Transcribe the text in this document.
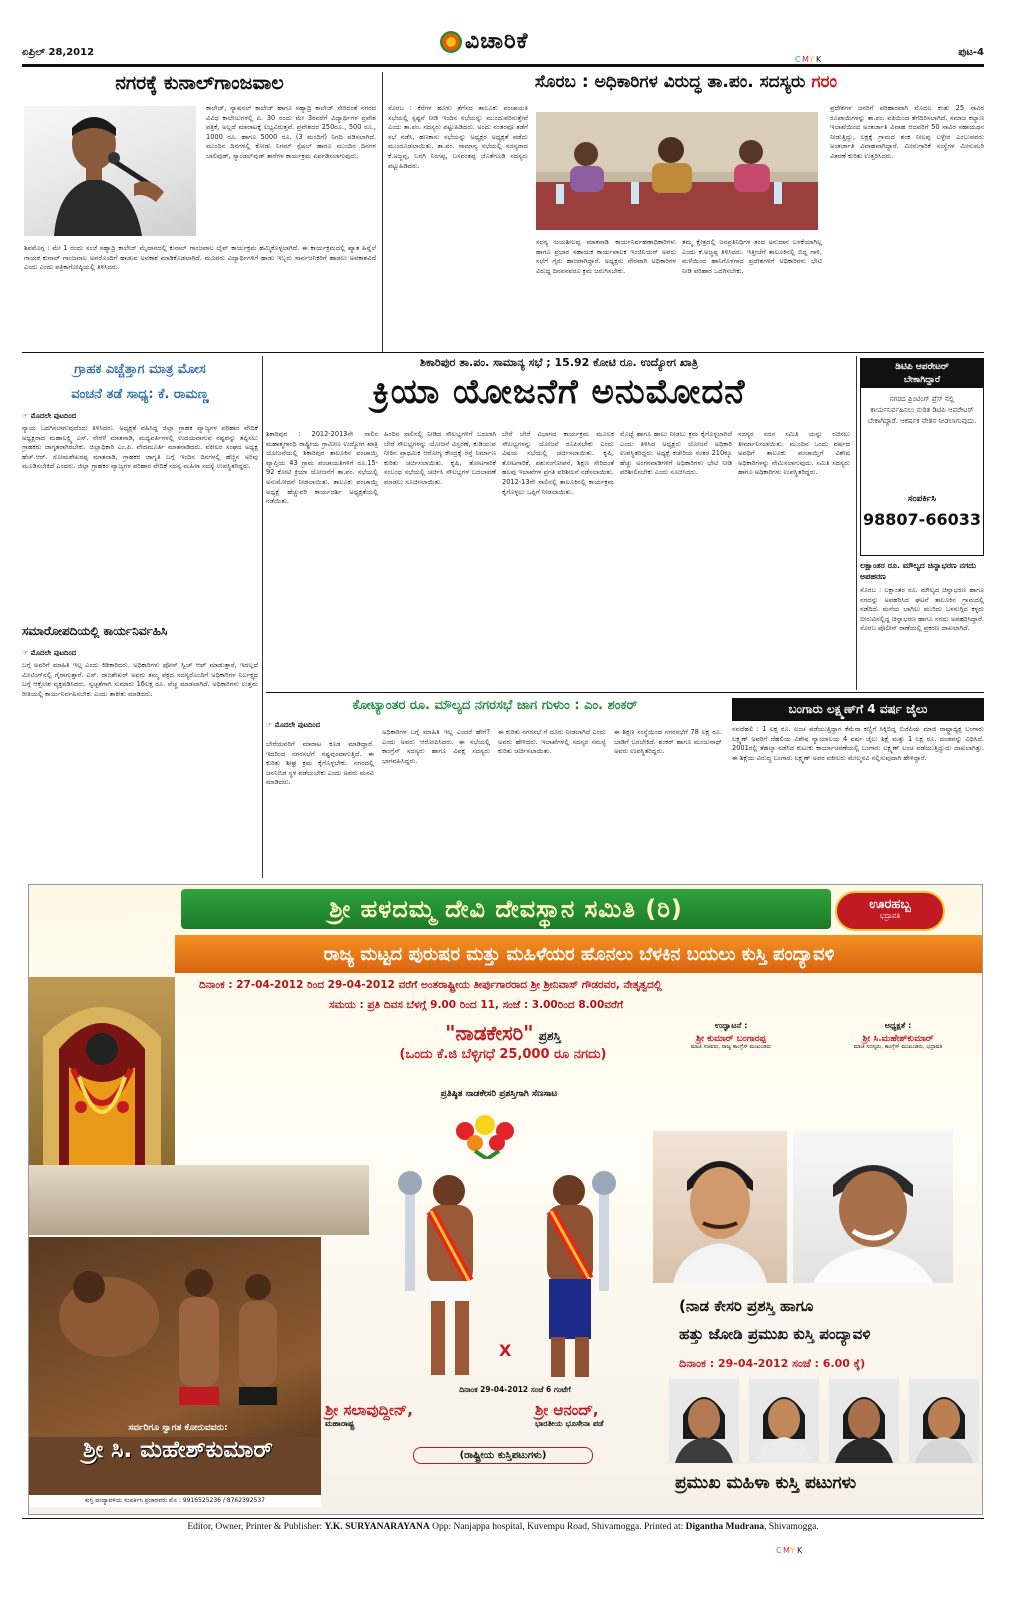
ಏಪ್ರಿಲ್ 28,2012	ವಿಚಾರಿಕೆ
CMY K
ಪುಟ-4
ನಗರಕ್ಕೆ ಕುನಾಲ್‌ಗಾಂಜವಾಲ
ಕಾಲೇಜ್, ನ್ಯಾಷನಲ್ ಕಾಲೇಜ್ ಹಾಗೂ ಸಹ್ಯಾದ್ರಿ ಕಾಲೇಜ್ ಸೇರಿದಂತೆ ನಗರದ ವಿವಿಧ ಕಾಲೇಜುಗಳಲ್ಲಿ ಏ. 30 ರಂದು ಮೇ 3ರವರೆಗೆ ವಿದ್ಯಾರ್ಥಿಗಳ ಪ್ರವೇಶ ಪತ್ರಿಕೆ, ಅಲ್ಲದೆ ಮಾರಾಟಕ್ಕೆ ಲಭ್ಯವಿರುತ್ತವೆ. ಪ್ರವೇಶದರ 250ರೂ., 500 ರೂ., 1000 ರೂ. ಹಾಗೂ 5000 ರೂ. (3 ಮಂದಿಗೆ) ನಿಗದಿ ಪಡಿಸಲಾಗಿದೆ. ಮುಂದಿನ ದಿನಗಳಲ್ಲಿ ಕೋಡು ನಿಗಮ್ ಸ್ಪೆಷಲ್ ಹಾಗೂ ಮುಂದಿನ ದಿನಗಳ ಬಾಲಿವುಡ್, ಸ್ಯಾಂಡಲ್‌ವುಡ್ ತಾರೆಗಳ ಕಾರ್ಯಕ್ರಮ ಏರ್ಪಡಿಸಲಾಗುವುದು.
ಶಿವಮೊಗ್ಗ : ಮೇ 1 ರಂದು ಸಂಜೆ ಸಹ್ಯಾದ್ರಿ ಕಾಲೇಜ್ ಮೈದಾನದಲ್ಲಿ ಕುನಾಲ್ ಗಾಂಜವಾಲ ಲೈವ್ ಕಾರ್ಯಕ್ರಮ ಹಮ್ಮಿಕೊಳ್ಳಲಾಗಿದೆ. ಈ ಕಾರ್ಯಕ್ರಮದಲ್ಲಿ ಖ್ಯಾತ ಹಿನ್ನೆಲೆ ಗಾಯಕ ಕುನಾಲ್ ಗಾಂಜವಾಲ ಅವರೊಂದಿಗೆ ಹಾಡುವ ಅವಕಾಶ ಮಾಡಿಕೊಡಲಾಗಿದೆ. ಮೂವರು ವಿದ್ಯಾರ್ಥಿಗಳಿಗೆ ಹಾಡು ಇಬ್ಬರು ಸಾರ್ವಜನಿಕರಿಗೆ ಹಾಡಲು ಅವಕಾಶವಿದೆ ಎಂದು ಎಂದು ಪತ್ರಿಕಾಗೋಷ್ಠಿಯಲ್ಲಿ ತಿಳಿಸಿದರು.
ಸೊರಬ : ಅಧಿಕಾರಿಗಳ ವಿರುದ್ಧ ತಾ.ಪಂ. ಸದಸ್ಯರು ಗರಂ
ಸೊರಬ : ಕೆರೆಗಳ ಹೂಳು ತೆಗೆಸದ ತಾಲೂಕು ಪಂಚಾಯತಿ ಸಭೆಯಲ್ಲಿ ಸ್ಪಷ್ಟನೆ ನೀಡಿ ಇಂದಿನ ಸಭೆಯನ್ನು ಮುಂದುವರಿಸುತ್ತೇವೆ ಎಂದು ತಾ.ಪಂ. ಸದಸ್ಯರು ಪಟ್ಟುಹಿಡಿದರು. ಅಂದು ನಂತರವೂ ತಡೆಗೆ ಸಭೆ ನಡೆಸಿ, ಹಣಕಾಸು ಸಭೆಯನ್ನು ಅಧ್ಯಕ್ಷರ ಅಧ್ಯಕ್ಷತೆ ಪಡೆದು ಮುಂದೂಡಲಾಯಿತು. ತಾ.ಪಂ. ಸಾಮಾನ್ಯ ಸಭೆಯಲ್ಲಿ ಸದಸ್ಯರಾದ ಕೆ.ಅಜ್ಜಪ್ಪ, ಬರಗಿ ನಿಂಗಪ್ಪ, ಬಸವಂತಪ್ಪ ಜೊತೆಗೂಡಿ ಸದಸ್ಯರು ಪಟ್ಟುಹಿಡಿದರು.
ಸದಸ್ಯ ಜಯಶೀಲಪ್ಪ ಮಾತನಾಡಿ ಕಾರ್ಯನಿರ್ವಹಣಾಧಿಕಾರಿಗಳು ಹಾಗೂ ಪ್ರಭಾರ ಸಹಾಯಕ ಕಾರ್ಯಪಾಲಕ ಇಂಜಿನಿಯರ್ ಅವರು ಸಭೆಗೆ ಗೈರು ಹಾಜರಾಗಿದ್ದಾರೆ. ಅಧ್ಯಕ್ಷರು ನೇರವಾಗಿ ಅಧಿಕಾರಿಗಳ ವಿರುದ್ದ ದಿನವನವರೂ ಕ್ರಮ ಜರುಗಿಸಬೇಕು.
ತಮ್ಮ ಕ್ಷೇತ್ರದಲ್ಲಿ ಜನಪ್ರತಿನಿಧಿಗಳ ತಂದ ಅನುದಾನ ಬಳಕೆಯಾಗಿಲ್ಲ ಎಂದು ಕೆ.ಅಜ್ಜಪ್ಪ ತಿಳಿಸಿದರು. ಇತ್ತೀಚೆಗೆ ತಾಲೂಕಿನಲ್ಲಿ ಬಿದ್ದ ಗಾಳಿ, ಮಳೆಯಿಂದ ಹಾನಿಗೊಳಗಾದ ಪ್ರದೇಶಗಳಿಗೆ ಅಧಿಕಾರಿಗಳು ಭೇಟಿ ನೀಡಿ ಪರಿಹಾರ ಒದಗಿಸಬೇಕು.
ಪ್ರದೇಶಗಳ ಜನರಿಗೆ ಪರಿಹಾರವಾಗಿ ಮೊದಲ ಕಂತು 25 ಸಾವಿರ ರೂಪಾಯಿಗಳನ್ನು ತಾ.ಪಂ. ವತಿಯಿಂದ ತೆಗೆದಿರಿಸಲಾಗಿದೆ. ಸಮಾಜ ಕಲ್ಯಾಣ ಇಲಾಖೆಯಿಂದ ಅಂತರ್ಜಾತಿ ವಿವಾಹ ಆದವರಿಗೆ 50 ಸಾವಿರ ಸಹಾಯಧನ ನೀಡುತ್ತಿದ್ದು, ಲಕ್ಷಕ್ಕೆ ಗ್ರಾಮದ ಶಂಕ ನೀಲಪ್ಪ ಬಳ್ಳೇರ ಎಂಬುವವರು ಅಂತರ್ಜಾತಿ ವಿವಾಹವಾಗಿದ್ದಾರೆ. ಮೀನುಗಾರಿಕೆ ಸಂಸ್ಥೆಗಳ ಮೀನುಮರಿ ವಿತರಣೆ ಕುರಿತು ಉತ್ತರಿಸಿದರು.
ಗ್ರಾಹಕ ಎಚ್ಚೆತ್ತಾಗ ಮಾತ್ರ ಮೋಸ
ವಂಚನೆ ತಡೆ ಸಾಧ್ಯ: ಕೆ. ರಾಮಣ್ಣ
☞ ಮೊದಲೇ ಪುಟದಿಂದ
ನ್ಯಾಯ ಒದಗಿಸಲಾಗುವುದೆಂದು ತಿಳಿಸಿದರು. ಅಧ್ಯಕ್ಷತೆ ವಹಿಸಿದ್ದ ಜಿಲ್ಲಾ ಗ್ರಾಹಕ ವ್ಯಾಜ್ಯಗಳ ಪರಿಹಾರ ವೇದಿಕೆ ಅಧ್ಯಕ್ಷರಾದ ಮಹಾಲಕ್ಷ್ಮಿ ಎಸ್. ನೇರಳೆ ಮಾತನಾಡಿ, ಮಧ್ಯವರ್ತಿಗಳಲ್ಲಿ ಉದಯವಾಗುವ ನಷ್ಟವನ್ನು ತಪ್ಪಿಸಲು ಗ್ರಾಹಕರು ಜಾಗೃತರಾಗಿರಬೇಕು. ಜಿಲ್ಲಾಧಿಕಾರಿ ಎಂ.ಪಿ. ವೇದಮೂರ್ತಿ ಮಾತನಾಡಿದರು. ವಕೀಲರ ಸಂಘದ ಅಧ್ಯಕ್ಷ ಹೆಚ್.ಆರ್. ಸೋಮಶೇಖರಪ್ಪ ಮಾತನಾಡಿ, ಗ್ರಾಹಕರ ಜಾಗೃತಿ ಬಗ್ಗೆ ಇಂದಿನ ದಿನಗಳಲ್ಲಿ ಹೆಚ್ಚಿನ ಅರಿವು ಮೂಡಿಸಬೇಕಿದೆ ಎಂದರು. ಜಿಲ್ಲಾ ಗ್ರಾಹಕರ ವ್ಯಾಜ್ಯಗಳ ಪರಿಹಾರ ವೇದಿಕೆ ಸದಸ್ಯ ಮಹಿಳಾ ಸದಸ್ಯೆ ಉಪಸ್ಥಿತರಿದ್ದರು.
ಸಮಾರೋಪದಿಯಲ್ಲಿ ಕಾರ್ಯನಿರ್ವಹಿಸಿ
☞ ಮೊದಲೇ ಪುಟದಿಂದ
ಬಗ್ಗೆ ಅವರಿಗೆ ಮಾಹಿತಿ ಇಲ್ಲ ಎಂದು ಕಿಡಿಕಾರಿದರು. ಅಧಿಕಾರಿಗಳು ಫೋನ್ ಸ್ವಿಚ್ ಆಫ್ ಮಾಡುತ್ತಾರೆ, ಇದಲ್ಲದೆ ಮೀಟಿಂಗ್‌ನಲ್ಲಿ ಗೈರಾಗುತ್ತಾರೆ. ಎಸ್. ರಾಜಶೇಖರ್ ಅವರು ತಮ್ಮ ಪಕ್ಷದ ಸದಸ್ಯರೊಂದಿಗೆ ಅಧಿಕಾರಿಗಳ ನಿರ್ಲಕ್ಷ್ಯದ ಬಗ್ಗೆ ಆಕ್ರೋಶ ವ್ಯಕ್ತಪಡಿಸಿದರು. ಸ್ವಚ್ಛತೆಗಾಗಿ ಸುಮಾರು 16ಲಕ್ಷ ರೂ. ವೆಚ್ಚ ಮಾಡಲಾಗಿದೆ. ಅಧಿಕಾರಿಗಳು ಉತ್ತಮ ರೀತಿಯಲ್ಲಿ ಕಾರ್ಯನಿರ್ವಹಿಸಬೇಕು ಎಂದು ತಾಕೀತು ಮಾಡಿದರು.
ಶಿಕಾರಿಪುರ ತಾ.ಪಂ. ಸಾಮಾನ್ಯ ಸಭೆ ; 15.92 ಕೋಟಿ ರೂ. ಉದ್ಯೋಗ ಖಾತ್ರಿ
ಕ್ರಿಯಾ ಯೋಜನೆಗೆ ಅನುಮೋದನೆ
ಶಿಕಾರಿಪುರ : 2012-2013ನೇ ಸಾಲಿನ ಮಹಾತ್ಮಗಾಂಧಿ ರಾಷ್ಟ್ರೀಯ ಗ್ರಾಮೀಣ ಉದ್ಯೋಗ ಖಾತ್ರಿ ಯೋಜನೆಯಲ್ಲಿ ಶಿಕಾರಿಪುರ ತಾಲೂಕಿನ ಪಂಚಾಯ್ತಿ ವ್ಯಾಪ್ತಿಯ 43 ಗ್ರಾಮ ಪಂಚಾಯತಿಗಳಿಗೆ ರೂ.15-92 ಕೋಟಿ ಕ್ರಿಯಾ ಯೋಜನೆಗೆ ತಾ.ಪಂ. ಸಭೆಯಲ್ಲಿ ಅನುಮೋದನೆ ನೀಡಲಾಯಿತು. ತಾಲೂಕು ಪಂಚಾಯ್ತಿ ಅಧ್ಯಕ್ಷೆ ಹೆಚ್ಚುವರಿ ಕಾರ್ಯದರ್ಶಿ ಅಧ್ಯಕ್ಷತೆಯಲ್ಲಿ ನಡೆಯಿತು.
ಹಿಂದಿನ ಸಾಲಿನಲ್ಲಿ ನೀಡಿದ ಸೌಲಭ್ಯಗಳಿಗೆ ಬದಲಾಗಿ ಬೇರೆ ಸೌಲಭ್ಯಗಳನ್ನು ಯೋಜನೆ ವಿಸ್ತರಣೆ, ಕುಡಿಯುವ ನೀರಿನ ಪ್ರಾಥಮಿಕ ಆರೋಗ್ಯ ಕೇಂದ್ರಕ್ಕೆ ರಸ್ತೆ ನಿರ್ಮಾಣ ಕುರಿತು ಚರ್ಚಿಸಲಾಯಿತು. ಕೃಷಿ, ತೋಟಗಾರಿಕೆ ಸಂಬಂಧ ಸಭೆಯಲ್ಲಿ ಚರ್ಚಿಸಿ ಸೌಲಭ್ಯಗಳ ಬದಲಾವಣೆ ಮಾಡಲು ಸೂಚಿಸಲಾಯಿತು.
ಬೇರೆ ಬೇರೆ ವಿಭಾಗದ ಕಾರ್ಯಕ್ರಮ ಮೂಲಕ ಸೌಲಭ್ಯಗಳನ್ನು ಯೋಜನೆ ರೂಪಿಸಬೇಕು ಎಂದು ವಿಷಯ ಸಭೆಯಲ್ಲಿ ಚರ್ಚಿಸಲಾಯಿತು. ಕೃಷಿ, ತೋಟಗಾರಿಕೆ, ಪಶುಸಂಗೋಪನೆ, ಶಿಕ್ಷಣ ಸೇರಿದಂತೆ ಹಲವು ಇಲಾಖೆಗಳ ಪ್ರಗತಿ ಪರಿಶೀಲನೆ ನಡೆಸಲಾಯಿತು. 2012-13ನೇ ಸಾಲಿನಲ್ಲಿ ತಾಲೂಕಿನಲ್ಲಿ ಕಾರ್ಯಕ್ರಮ ಕೈಗೊಳ್ಳಲು ಒಪ್ಪಿಗೆ ನೀಡಲಾಯಿತು.
ಮೊಟ್ಟೆ ಹಾಗೂ ಹಾಲು ನೀಡಲು ಕ್ರಮ ಕೈಗೊಳ್ಳಲಾಗಿದೆ ಎಂದು ತಿಳಿಸಿದ ಅಧ್ಯಕ್ಷರು ಯೋಜನೆ ಅಧಿಕಾರಿ ಉಪಸ್ಥಿತರಿದ್ದರು. ಅಧ್ಯಕ್ಷೆ ಕಚೇರಿಯ ನಂತರ 210ಕ್ಕೂ ಹೆಚ್ಚು ಅಂಗನವಾಡಿಗಳಿಗೆ ಅಧಿಕಾರಿಗಳು ಭೇಟಿ ನೀಡಿ ಪರಿಶೀಲಿಸಬೇಕು ಎಂದು ಸೂಚಿಸಿದರು.
ಸದಸ್ಯರ ಸದನ ಸಮಿತಿ ಯನ್ನು ರಚಿಸಲು ತೀರ್ಮಾನಿಸಲಾಯಿತು. ಮುಂದಿನ ಒಂದು ವರ್ಷದ ಅವಧಿಗೆ ತಾಲೂಕು ಪಂಚಾಯ್ತಿಗೆ ವಿಶೇಷ ಅಧಿಕಾರಿಗಳನ್ನು ನೇಮಿಸಲಾಗುವುದು. ಸಮಿತಿ ಸದಸ್ಯರು ಹಾಗೂ ಅಧಿಕಾರಿಗಳು ಉಪಸ್ಥಿತರಿದ್ದರು.
ಡಿಟಿಪಿ ಆಪರೇಟರ್
ಬೇಕಾಗಿದ್ದಾರೆ
ನಗರದ ಪ್ರಿಂಟಿಂಗ್ ಪ್ರೆಸ್ ನಲ್ಲಿ ಕಾರ್ಯನಿರ್ವಹಿಸಲು ನುರಿತ ಡಿಟಿಪಿ ಆಪರೇಟರ್ ಬೇಕಾಗಿದ್ದಾರೆ. ಆಕರ್ಷಕ ವೇತನ ನೀಡಲಾಗುವುದು.
ಸಂಪರ್ಕಿಸಿ
98807-66033
ಲಕ್ಷಾಂತರ ರೂ. ಮೌಲ್ಯದ ಚಿನ್ನಾಭರಣ ನಗದು ಅಪಹರಣ
ಸೊರಬ : ಲಕ್ಷಾಂತರ ರೂ. ಮೌಲ್ಯದ ಚಿನ್ನಾಭರಣ ಹಾಗೂ ನಗದನ್ನು ಅಪಹರಿಸಿದ ಘಟನೆ ತಾಲೂಕಿನ ಗ್ರಾಮದಲ್ಲಿ ನಡೆದಿದೆ. ಮನೆಯ ಬಾಗಿಲು ಮುರಿದು ಒಳನುಗ್ಗಿದ ಕಳ್ಳರು ಬೀರುವಿನಲ್ಲಿದ್ದ ಚಿನ್ನಾಭರಣ ಹಾಗೂ ನಗದು ಅಪಹರಿಸಿದ್ದಾರೆ. ಸೊರಬ ಪೊಲೀಸ್ ಠಾಣೆಯಲ್ಲಿ ಪ್ರಕರಣ ದಾಖಲಾಗಿದೆ.
ಕೋಟ್ಯಾಂತರ ರೂ. ಮೌಲ್ಯದ ನಗರಸಭೆ ಜಾಗ ಗುಳುಂ : ಎಂ. ಶಂಕರ್
☞ ಮೊದಲೇ ಪುಟದಿಂದ
ಬೇರೆಯವರಿಗೆ ಮಾರಾಟ ಕೂಡ ಮಾಡಿದ್ದಾರೆ. ಇದರಿಂದ ನಗರಸಭೆಗೆ ನಷ್ಟವುಂಟಾಗುತ್ತಿದೆ. ಈ ಕುರಿತು ಶೀಘ್ರ ಕ್ರಮ ಕೈಗೊಳ್ಳಬೇಕು. ನಗರದಲ್ಲಿ ಜನನಿಬಿಡ ಸ್ಥಳ ಪಡೆಯಬೇಕು ಎಂದು ಅವರು ಮನವಿ ಮಾಡಿದರು.
ಅಧಿಕಾರಿಗಳ ಬಗ್ಗೆ ಮಾಹಿತಿ ಇಲ್ಲ ಎಂದರೆ ಹೇಗೆ? ಎಂದು ಅವರು ಆರೋಪಿಸಿದರು. ಈ ಸಭೆಯಲ್ಲಿ ಕಾಂಗ್ರೆಸ್ ಸದಸ್ಯರು ಹಾಗೂ ವಿಪಕ್ಷ ಸದಸ್ಯರು ಭಾಗವಹಿಸಿದ್ದರು.
ಈ ಕುರಿತು ನಗರಸಭೆ ಗೆ ದೂರು ನೀಡಲಾಗಿದೆ ಎಂದು ಅವರು ಹೇಳಿದರು. ಇಲಾಖೆಗಳಲ್ಲಿ ಸದಸ್ಯರ ಸಮಸ್ಯೆ ಕುರಿತು ಚರ್ಚಿಸಲಾಯಿತು.
ಈ ಶಿಕ್ಷಣ ಸಂಸ್ಥೆಯಿಂದ ನಗರಸಭೆಗೆ 78 ಲಕ್ಷ ರೂ. ಬಾಡಿಗೆ ಬರಬೇಕಿದೆ. ಶಂಕರ್ ಹಾಗೂ ಮಂಜುನಾಥ್ ಅವರು ಉಪಸ್ಥಿತರಿದ್ದರು.
ಬಂಗಾರು ಲಕ್ಷ್ಮಣ್‌ಗೆ 4 ವರ್ಷ ಜೈಲು
ನವದೆಹಲಿ : 1 ಲಕ್ಷ ರೂ. ಲಂಚ ಪಡೆಯುತ್ತಿದ್ದಾಗ ಕೆಮೆರಾ ಕಣ್ಣಿಗೆ ಸಿಕ್ಕಿಬಿದ್ದ ಬಿಜೆಪಿಯ ಮಾಜಿ ರಾಷ್ಟ್ರಾಧ್ಯಕ್ಷ ಬಂಗಾರು ಲಕ್ಷ್ಮಣ್ ಅವರಿಗೆ ದೆಹಲಿಯ ವಿಶೇಷ ನ್ಯಾಯಾಲಯ 4 ವರ್ಷ ಜೈಲು ಶಿಕ್ಷೆ ಮತ್ತು 1 ಲಕ್ಷ ರೂ. ದಂಡವನ್ನು ವಿಧಿಸಿದೆ. 2001ರಲ್ಲಿ ತೆಹಲ್ಕಾ ನಡೆಸಿದ ಕುಟುಕು ಕಾರ್ಯಾಚರಣೆಯಲ್ಲಿ ಬಂಗಾರು ಲಕ್ಷ್ಮಣ್ ಲಂಚ ಪಡೆಯುತ್ತಿದ್ದುದು ದಾಖಲಾಗಿತ್ತು. ಈ ಶಿಕ್ಷೆಯ ವಿರುದ್ಧ ಬಂಗಾರು ಲಕ್ಷ್ಮಣ್ ಅವರ ವಕೀಲರು ಮೇಲ್ಮನವಿ ಸಲ್ಲಿಸುವುದಾಗಿ ಹೇಳಿದ್ದಾರೆ.
ಶ್ರೀ ಹಳದಮ್ಮ ದೇವಿ ದೇವಸ್ಥಾನ ಸಮಿತಿ (ರಿ)	ಊರಹಬ್ಬ
ಭದ್ರಾವತಿ
ರಾಜ್ಯ ಮಟ್ಟದ ಪುರುಷರ ಮತ್ತು ಮಹಿಳೆಯರ ಹೊನಲು ಬೆಳಕಿನ ಬಯಲು ಕುಸ್ತಿ ಪಂದ್ಯಾವಳಿ
ದಿನಾಂಕ : 27-04-2012 ರಿಂದ 29-04-2012 ವರೆಗೆ ಅಂತರಾಷ್ಟ್ರೀಯ ತೀರ್ಪುಗಾರರಾದ ಶ್ರೀ ಶ್ರೀನಿವಾಸ್ ಗೌಡರವರ, ನೇತೃತ್ವದಲ್ಲಿ
ಸಮಯ : ಪ್ರತಿ ದಿವಸ ಬೆಳಗ್ಗೆ 9.00 ರಿಂದ 11, ಸಂಜೆ : 3.00ರಿಂದ 8.00ವರೆಗೆ
"ನಾಡಕೇಸರಿ" ಪ್ರಶಸ್ತಿ
(ಒಂದು ಕೆ.ಜಿ ಬೆಳ್ಳಿಗಧೆ 25,000 ರೂ ನಗದು)
ಉದ್ಘಾಟನೆ :
ಶ್ರೀ ಕುಮಾರ್ ಬಂಗಾರಪ್ಪ
ಮಾಜಿ ಸಚಿವರು, ರಾಜ್ಯ ಕಾಂಗ್ರೆಸ್ ಮುಖಂಡರು
ಅಧ್ಯಕ್ಷತೆ :
ಶ್ರೀ ಸಿ.ಮಹೇಶ್‌ಕುಮಾರ್
ಮಾಜಿ ಸದಸ್ಯರು, ಕಾಂಗ್ರೆಸ್ ಮುಖಂಡರು, ಭದ್ರಾವತಿ
ಪ್ರತಿಷ್ಠಿತ ನಾಡಕೇಸರಿ ಪ್ರಶಸ್ತಿಗಾಗಿ ಸೆಣಸಾಟ
X
ದಿನಾಂಕ 29-04-2012 ಸಂಜೆ 6 ಗಂಟೆಗೆ
ಶ್ರೀ ಸಲಾವುದ್ದೀನ್,
ಮಹಾರಾಷ್ಟ್ರ
ಶ್ರೀ ಆನಂದ್,
ಭಾರತೀಯ ಭೂಸೇನಾ ಪಡೆ
(ರಾಷ್ಟ್ರೀಯ ಕುಸ್ತಿಪಟುಗಳು)
ಸರ್ವರಿಗೂ ಸ್ವಾಗತ ಕೋರುವವರು:
ಶ್ರೀ ಸಿ. ಮಹೇಶ್‌ಕುಮಾರ್
ಕುಸ್ತಿ ಪಂದ್ಯಾವಳಿಯ ಸಂಪರ್ಕಿಸಿ ಪ್ರಚಾರವರು ಮೊ : 9916525236 / 8762392537
(ನಾಡ ಕೇಸರಿ ಪ್ರಶಸ್ತಿ ಹಾಗೂ
ಹತ್ತು ಜೋಡಿ ಪ್ರಮುಖ ಕುಸ್ತಿ ಪಂದ್ಯಾವಳಿ
ದಿನಾಂಕ : 29-04-2012 ಸಂಜೆ : 6.00 ಕ್ಕೆ)
ಪ್ರಮುಖ ಮಹಿಳಾ ಕುಸ್ತಿ ಪಟುಗಳು
Editor, Owner, Printer & Publisher: Y.K. SURYANARAYANA Opp: Nanjappa hospital, Kuvempu Road, Shivamogga. Printed at: Digantha Mudrana, Shivamogga.
CMY K
